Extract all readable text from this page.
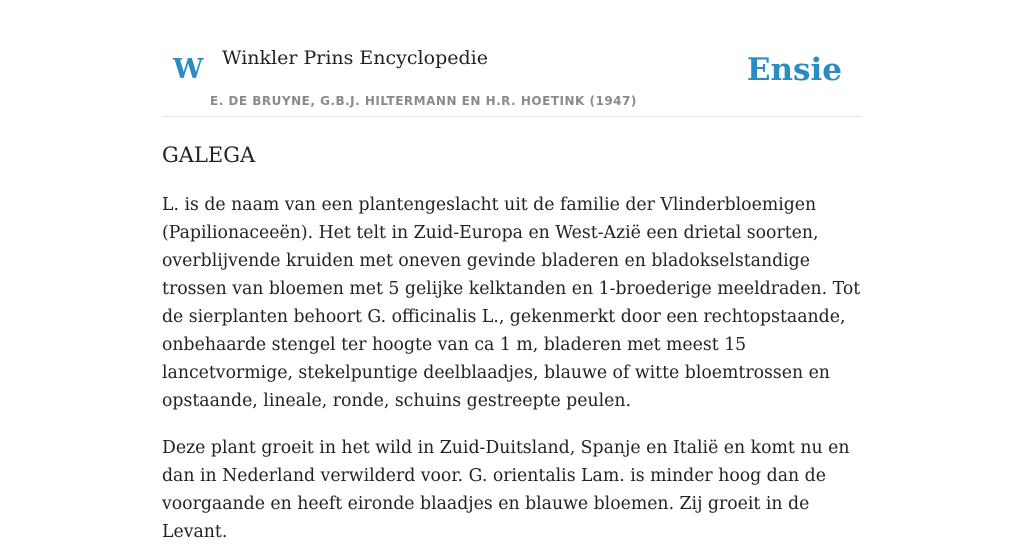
W Winkler Prins Encyclopedie
E. DE BRUYNE, G.B.J. HILTERMANN EN H.R. HOETINK (1947)
Ensie
GALEGA

L. is de naam van een plantengeslacht uit de familie der Vlinderbloemigen (Papilionaceeën). Het telt in Zuid-Europa en West-Azië een drietal soorten, overblijvende kruiden met oneven gevinde bladeren en bladokselstandige trossen van bloemen met 5 gelijke kelktanden en 1-broederige meeldraden. Tot de sierplanten behoort G. officinalis L., gekenmerkt door een rechtopstaande, onbehaarde stengel ter hoogte van ca 1 m, bladeren met meest 15 lancetvormige, stekelpuntige deelblaadjes, blauwe of witte bloemtrossen en opstaande, lineale, ronde, schuins gestreepte peulen.

Deze plant groeit in het wild in Zuid-Duitsland, Spanje en Italië en komt nu en dan in Nederland verwilderd voor. G. orientalis Lam. is minder hoog dan de voorgaande en heeft eironde blaadjes en blauwe bloemen. Zij groeit in de Levant.
